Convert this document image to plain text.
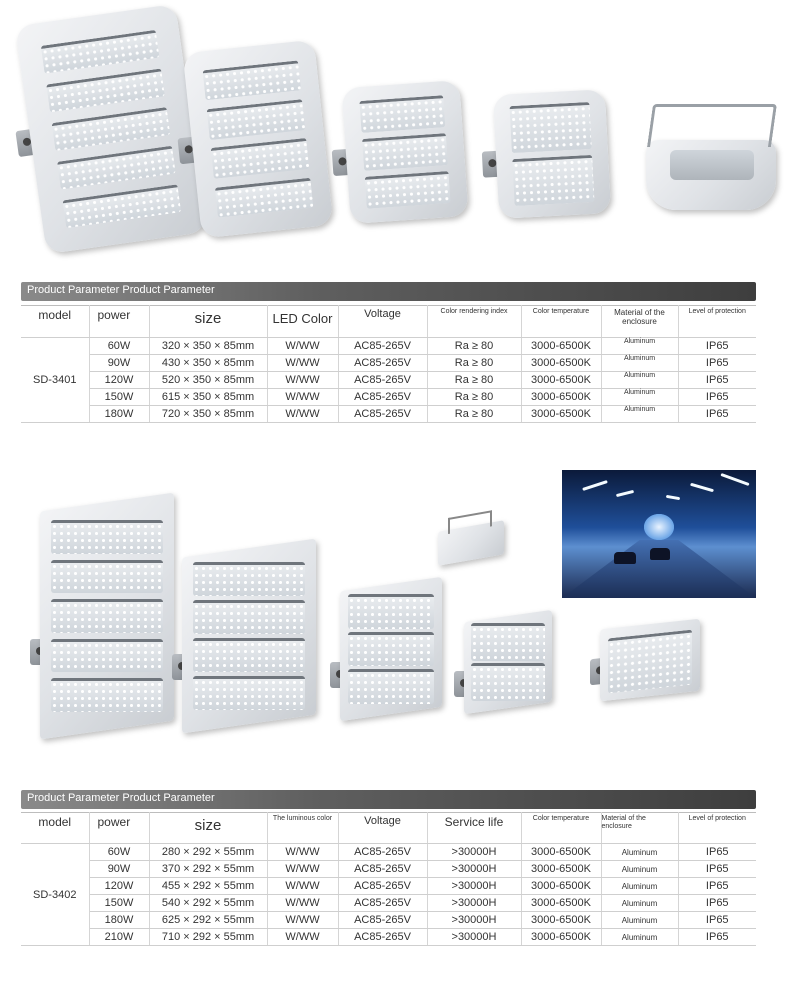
Product Parameter Product Parameter
model	power	size	LED Color	Voltage	Color rendering index	Color temperature	Material of the enclosure	Level of protection
SD-3401	60W	320 × 350 × 85mm	W/WW	AC85-265V	Ra ≥ 80	3000-6500K	Aluminum	IP65
	90W	430 × 350 × 85mm	W/WW	AC85-265V	Ra ≥ 80	3000-6500K	Aluminum	IP65
	120W	520 × 350 × 85mm	W/WW	AC85-265V	Ra ≥ 80	3000-6500K	Aluminum	IP65
	150W	615 × 350 × 85mm	W/WW	AC85-265V	Ra ≥ 80	3000-6500K	Aluminum	IP65
	180W	720 × 350 × 85mm	W/WW	AC85-265V	Ra ≥ 80	3000-6500K	Aluminum	IP65
Product Parameter Product Parameter
model	power	size	The luminous color	Voltage	Service life	Color temperature	Material of the enclosure	Level of protection
SD-3402	60W	280 × 292 × 55mm	W/WW	AC85-265V	>30000H	3000-6500K	Aluminum	IP65
	90W	370 × 292 × 55mm	W/WW	AC85-265V	>30000H	3000-6500K	Aluminum	IP65
	120W	455 × 292 × 55mm	W/WW	AC85-265V	>30000H	3000-6500K	Aluminum	IP65
	150W	540 × 292 × 55mm	W/WW	AC85-265V	>30000H	3000-6500K	Aluminum	IP65
	180W	625 × 292 × 55mm	W/WW	AC85-265V	>30000H	3000-6500K	Aluminum	IP65
	210W	710 × 292 × 55mm	W/WW	AC85-265V	>30000H	3000-6500K	Aluminum	IP65
